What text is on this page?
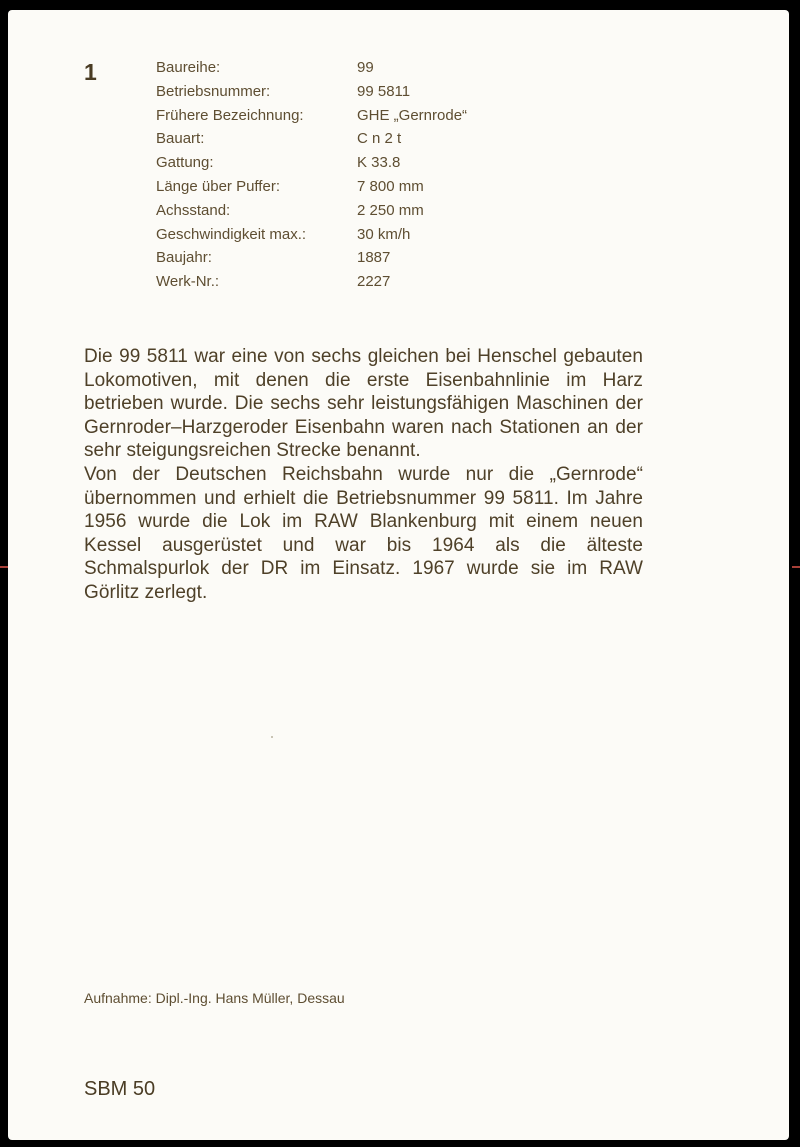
1	Baureihe:	99
Betriebsnummer:	99 5811
Frühere Bezeichnung:	GHE „Gernrode“
Bauart:	C n 2 t
Gattung:	K 33.8
Länge über Puffer:	7 800 mm
Achsstand:	2 250 mm
Geschwindigkeit max.:	30 km/h
Baujahr:	1887
Werk-Nr.:	2227

Die 99 5811 war eine von sechs gleichen bei Henschel gebauten Lokomotiven, mit denen die erste Eisenbahnlinie im Harz betrieben wurde. Die sechs sehr leistungsfähigen Maschinen der Gernroder–Harzgeroder Eisenbahn waren nach Stationen an der sehr steigungsreichen Strecke benannt.

Von der Deutschen Reichsbahn wurde nur die „Gernrode“ übernommen und erhielt die Betriebsnummer 99 5811. Im Jahre 1956 wurde die Lok im RAW Blankenburg mit einem neuen Kessel ausgerüstet und war bis 1964 als die älteste Schmalspurlok der DR im Einsatz. 1967 wurde sie im RAW Görlitz zerlegt.

Aufnahme: Dipl.-Ing. Hans Müller, Dessau
SBM 50
